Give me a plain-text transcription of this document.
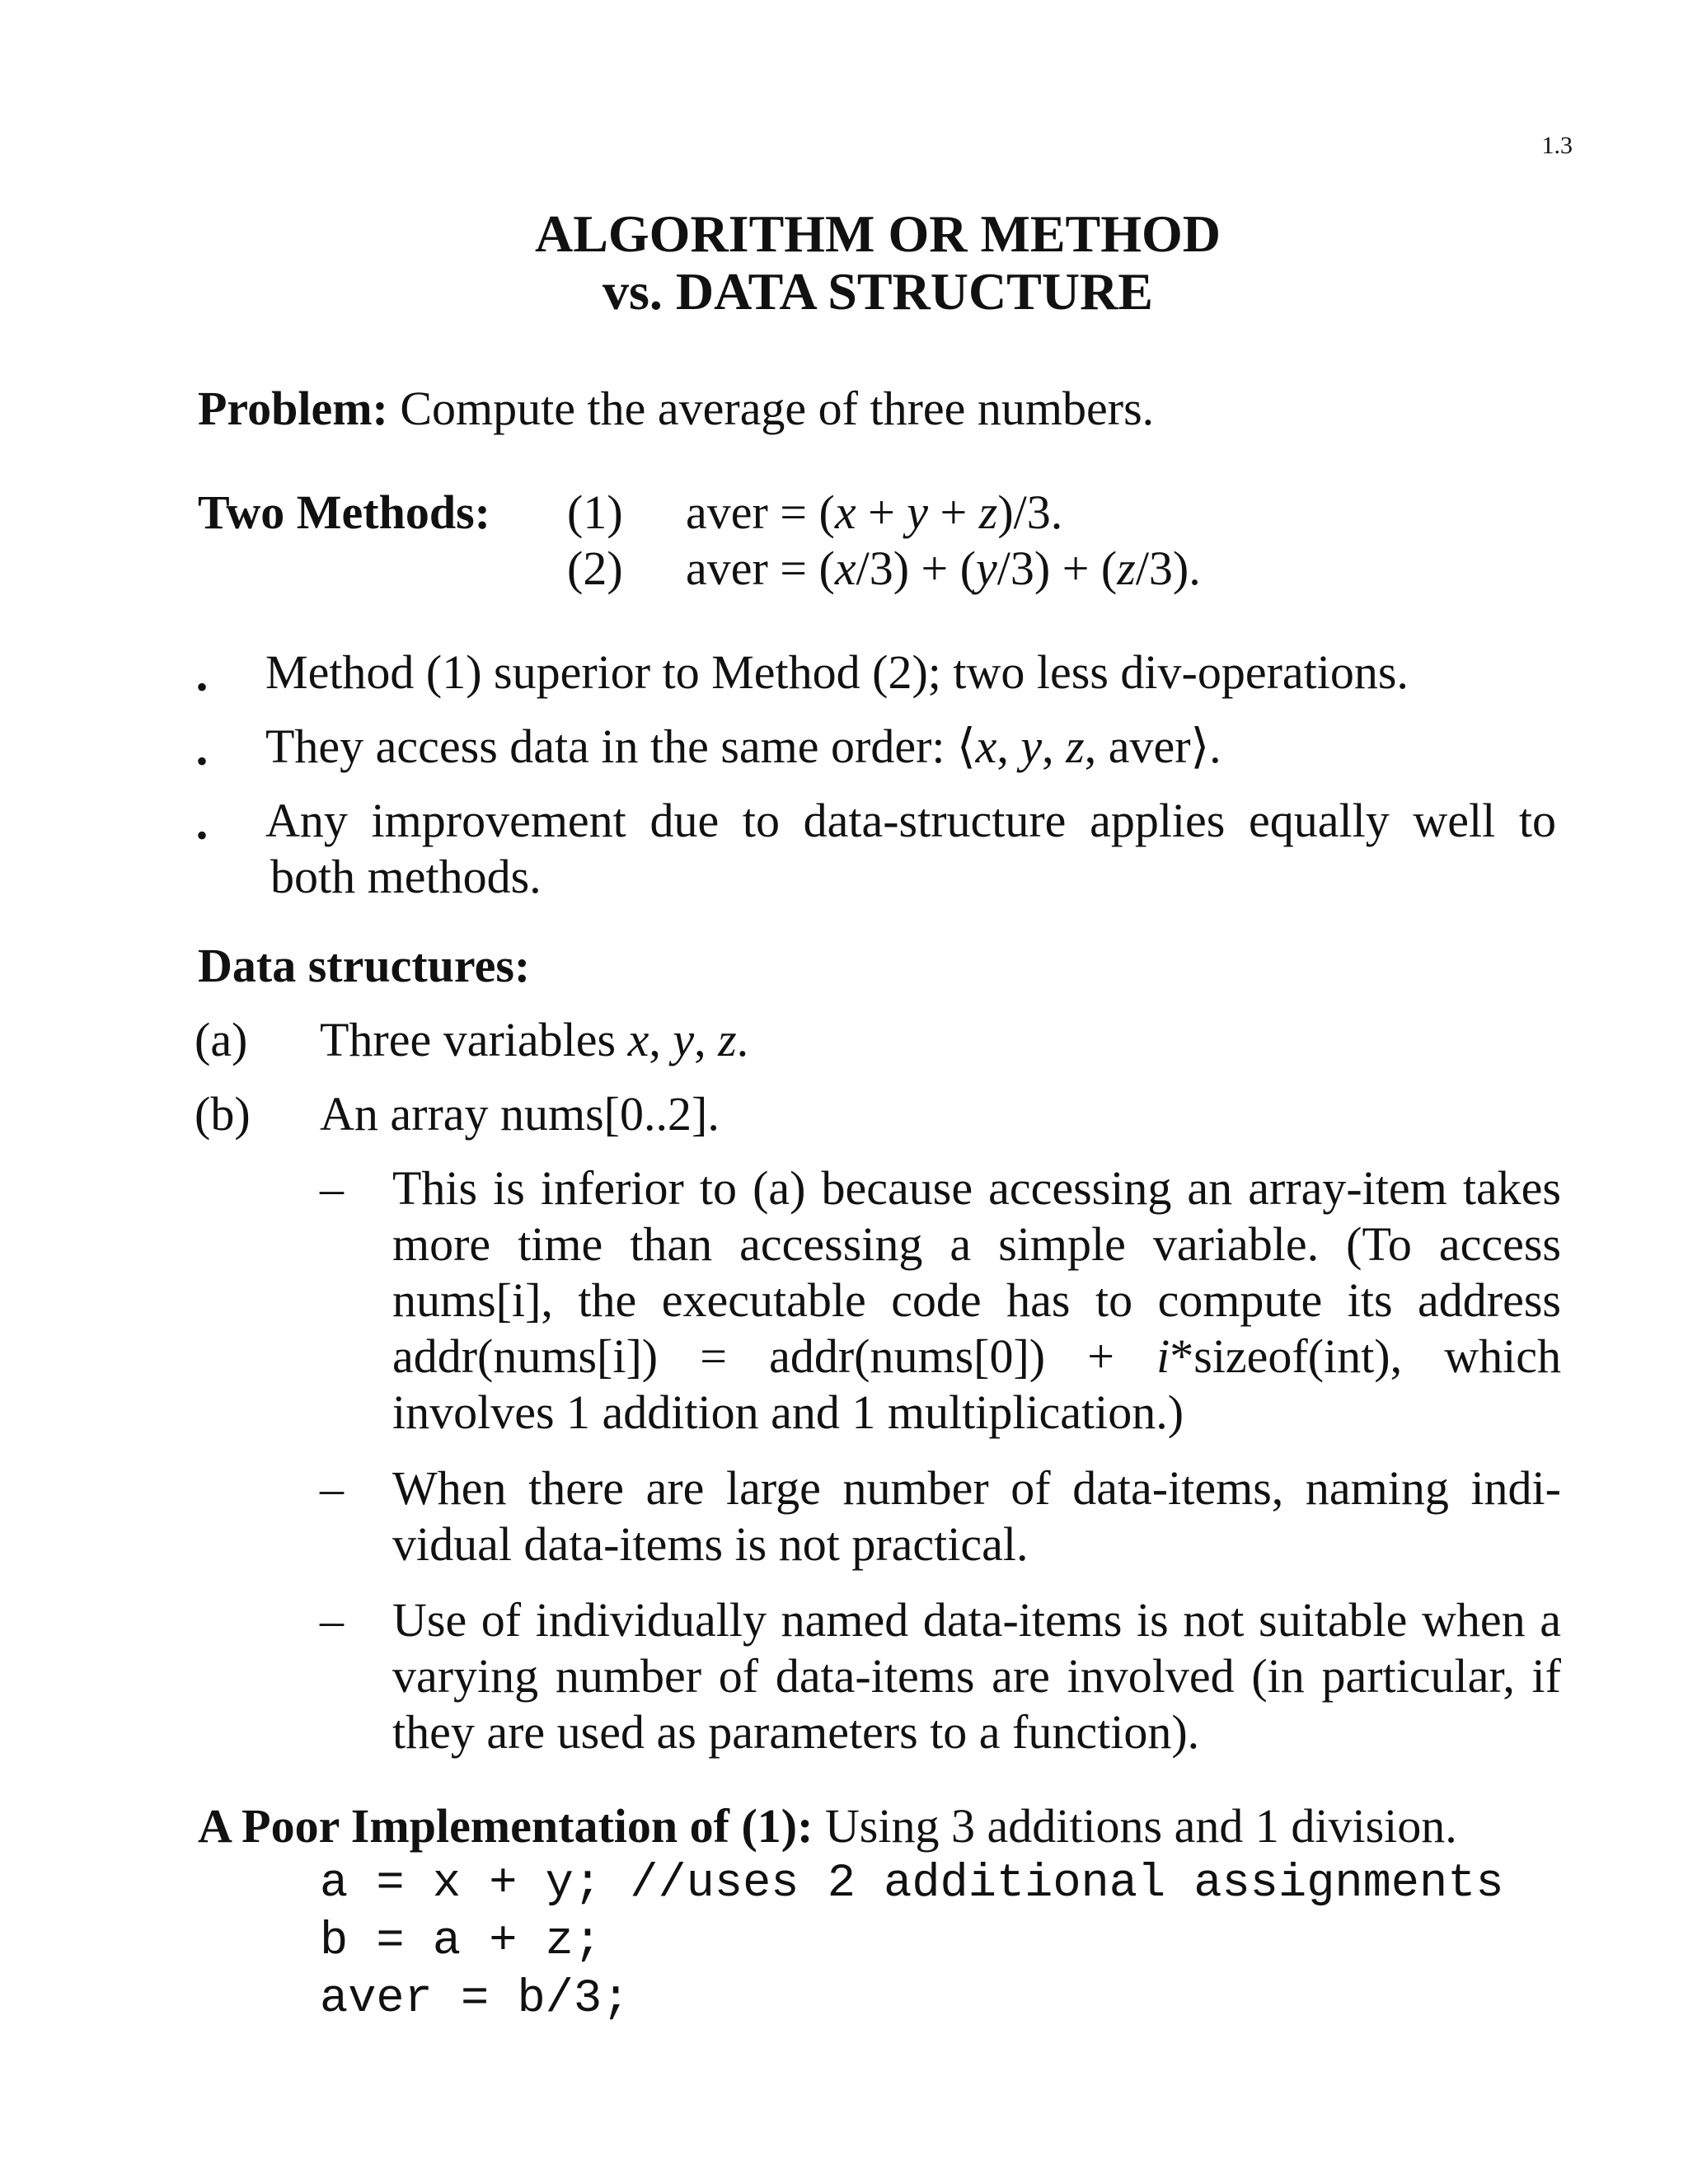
1.3
ALGORITHM OR METHOD
vs. DATA STRUCTURE
Problem: Compute the average of three numbers.
Two Methods: (1) aver = (x + y + z)/3.
(2) aver = (x/3) + (y/3) + (z/3).
• Method (1) superior to Method (2); two less div-operations.
• They access data in the same order: ⟨x, y, z, aver⟩.
• Any improvement due to data-structure applies equally well to
both methods.
Data structures:
(a) Three variables x, y, z.
(b) An array nums[0..2].
– This is inferior to (a) because accessing an array-item takes
more time than accessing a simple variable. (To access
nums[i], the executable code has to compute its address
addr(nums[i]) = addr(nums[0]) + i*sizeof(int), which
involves 1 addition and 1 multiplication.)
– When there are large number of data-items, naming indi-
vidual data-items is not practical.
– Use of individually named data-items is not suitable when a
varying number of data-items are involved (in particular, if
they are used as parameters to a function).
A Poor Implementation of (1): Using 3 additions and 1 division.
a = x + y; //uses 2 additional assignments
b = a + z;
aver = b/3;
